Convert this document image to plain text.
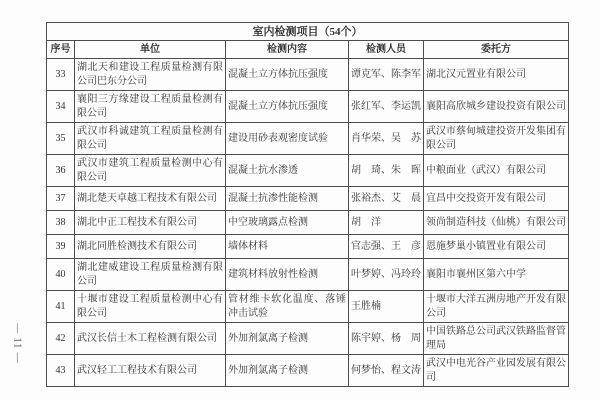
— 11 —
室内检测项目（54个）				
序号	单位	检测内容	检测人员	委托方
33	湖北天和建设工程质量检测有限公司巴东分公司	混凝土立方体抗压强度	谭克军、陈李军	湖北汉元置业有限公司
34	襄阳三方缘建设工程质量检测有限公司	混凝土立方体抗压强度	张红军、李运凯	襄阳高欣城乡建设投资有限公司
35	武汉市科诚建筑工程质量检测有限公司	建设用砂表观密度试验	肖华荣、吴　苏	武汉市蔡甸城建投资开发集团有限公司
36	武汉市建筑工程质量检测中心有限公司	混凝土抗水渗透	胡　琦、朱　晖	中粮面业（武汉）有限公司
37	湖北楚天卓越工程技术有限公司	混凝土抗渗性能检测	张裕杰、艾　晨	宜昌中交投资开发有限公司
38	湖北中正工程技术有限公司	中空玻璃露点检测	胡　洋	领尚制造科技（仙桃）有限公司
39	湖北同胜检测技术有限公司	墙体材料	官志强、王　彦	恩施梦巢小镇置业有限公司
40	湖北建威建设工程质量检测有限公司	建筑材料放射性检测	叶梦婷、冯玲玲	襄阳市襄州区第六中学
41	十堰市建设工程质量检测中心有限公司	管材维卡软化温度、落锤冲击试验	王胜楠	十堰市大洋五洲房地产开发有限公司
42	武汉长信土木工程检测有限公司	外加剂氯离子检测	陈宇婷、杨　周	中国铁路总公司武汉铁路监督管理局
43	武汉轻工工程技术有限公司	外加剂氯离子检测	何梦怡、程文涛	武汉中电光谷产业园发展有限公司
